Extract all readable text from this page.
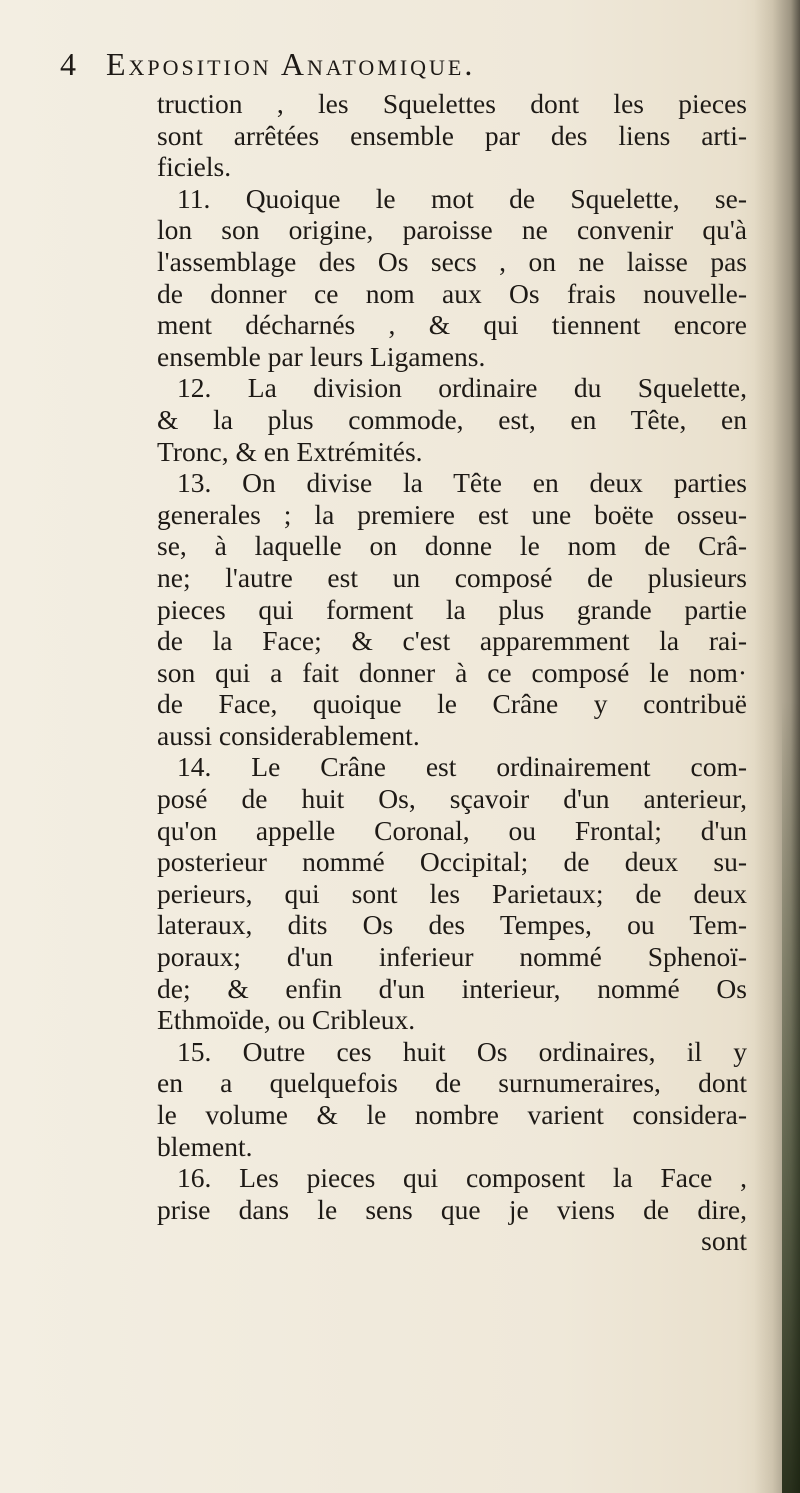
4 Exposition Anatomique.
truction , les Squelettes dont les pieces
sont arrêtées ensemble par des liens arti-
ficiels.
11. Quoique le mot de Squelette, se-
lon son origine, paroisse ne convenir qu'à
l'assemblage des Os secs , on ne laisse pas
de donner ce nom aux Os frais nouvelle-
ment décharnés , & qui tiennent encore
ensemble par leurs Ligamens.
12. La division ordinaire du Squelette,
& la plus commode, est, en Tête, en
Tronc, & en Extrémités.
13. On divise la Tête en deux parties
generales ; la premiere est une boëte osseu-
se, à laquelle on donne le nom de Crâ-
ne; l'autre est un composé de plusieurs
pieces qui forment la plus grande partie
de la Face; & c'est apparemment la rai-
son qui a fait donner à ce composé le nom·
de Face, quoique le Crâne y contribuë
aussi considerablement.
14. Le Crâne est ordinairement com-
posé de huit Os, sçavoir d'un anterieur,
qu'on appelle Coronal, ou Frontal; d'un
posterieur nommé Occipital; de deux su-
perieurs, qui sont les Parietaux; de deux
lateraux, dits Os des Tempes, ou Tem-
poraux; d'un inferieur nommé Sphenoï-
de; & enfin d'un interieur, nommé Os
Ethmoïde, ou Cribleux.
15. Outre ces huit Os ordinaires, il y
en a quelquefois de surnumeraires, dont
le volume & le nombre varient considera-
blement.
16. Les pieces qui composent la Face ,
prise dans le sens que je viens de dire,
sont
